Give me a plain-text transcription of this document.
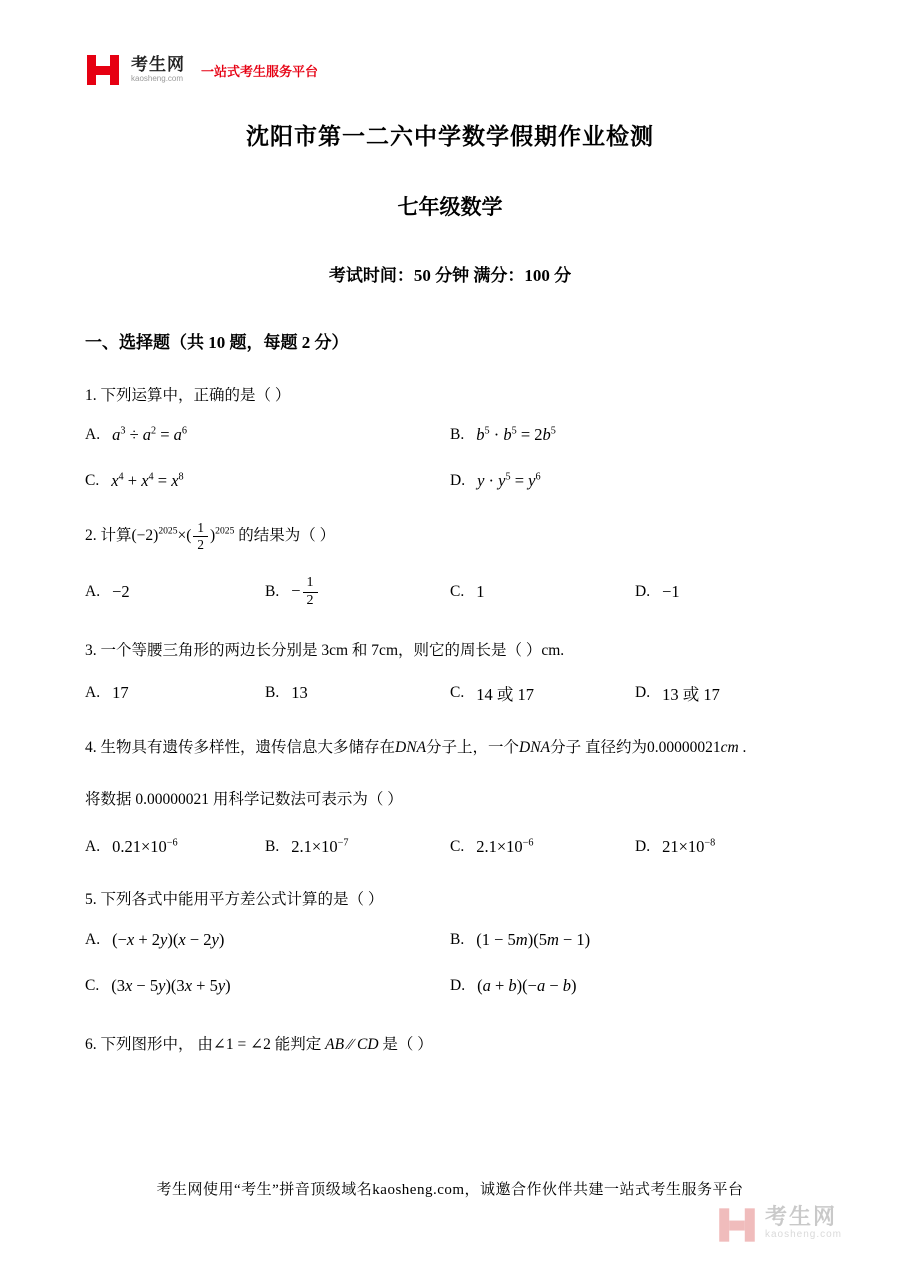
考生网
kaosheng.com 一站式考生服务平台
沈阳市第一二六中学数学假期作业检测
七年级数学
考试时间：50 分钟 满分：100 分
一、选择题（共 10 题，每题 2 分）
1. 下列运算中，正确的是（ ）
A. $a^3 \div a^2 = a^6$	B. $b^5 \cdot b^5 = 2b^5$
C. $x^4 + x^4 = x^8$	D. $y \cdot y^5 = y^6$
2. 计算$(-2)^{2025}\times( \frac{1}{2} )^{2025}$ 的结果为（ ）
A. −2	B. − $\frac{1}{2}$	C. 1	D. −1
3. 一个等腰三角形的两边长分别是 3cm 和 7cm，则它的周长是（ ）cm.
A. 17	B. 13	C. 14 或 17	D. 13 或 17
4. 生物具有遗传多样性，遗传信息大多储存在DNA分子上，一个DNA分子 直径约为0.00000021cm .
将数据 0.00000021 用科学记数法可表示为（ ）
A. $0.21\times 10^{-6}$	B. $2.1\times 10^{-7}$	C. $2.1\times 10^{-6}$	D. $21\times 10^{-8}$
5. 下列各式中能用平方差公式计算的是（ ）
A. (−x + 2y)(x − 2y)	B. (1 − 5m)(5m − 1)
C. (3x − 5y)(3x + 5y)	D. (a + b)(−a − b)
6. 下列图形中， 由∠1 = ∠2 能判定 AB ∕∕ CD 是（ ）
考生网使用“考生”拼音顶级域名kaosheng.com，诚邀合作伙伴共建一站式考生服务平台
考生网
kaosheng.com
